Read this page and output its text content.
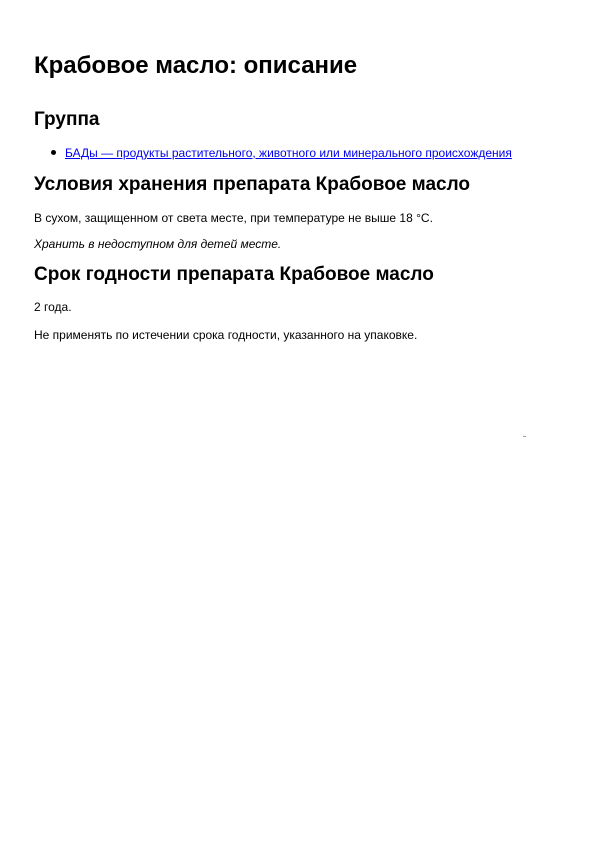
Крабовое масло: описание
Группа
БАДы — продукты растительного, животного или минерального происхождения
Условия хранения препарата Крабовое масло

В сухом, защищенном от света месте, при температуре не выше 18 °C.

Хранить в недоступном для детей месте.

Срок годности препарата Крабовое масло

2 года.

Не применять по истечении срока годности, указанного на упаковке.
